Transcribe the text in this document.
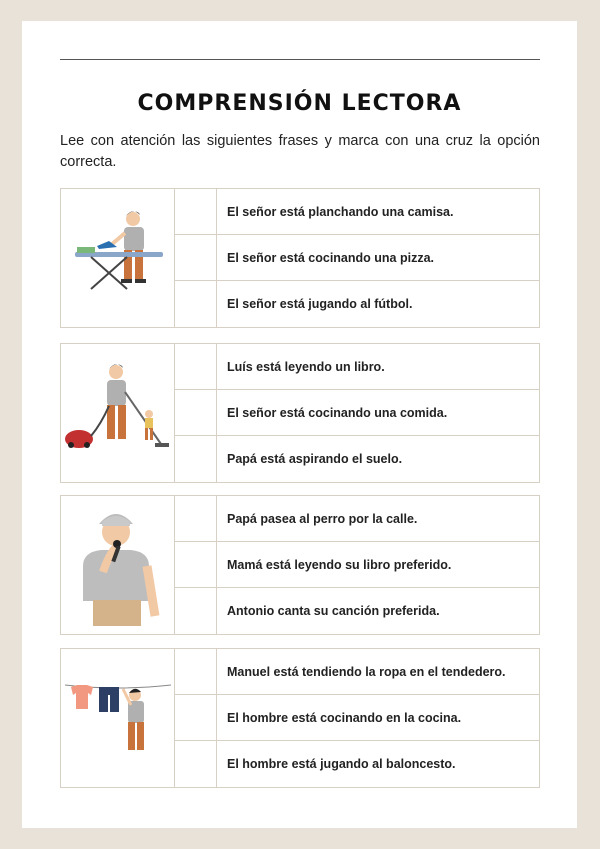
COMPRENSIÓN LECTORA
Lee con atención las siguientes frases y marca con una cruz la opción correcta.
El señor está planchando una camisa.
El señor está cocinando una pizza.
El señor está jugando al fútbol.
Luís está leyendo un libro.
El señor está cocinando una comida.
Papá está aspirando el suelo.
Papá pasea al perro por la calle.
Mamá está leyendo su libro preferido.
Antonio canta su canción preferida.
Manuel está tendiendo la ropa en el tendedero.
El hombre está cocinando en la cocina.
El hombre está jugando al baloncesto.
